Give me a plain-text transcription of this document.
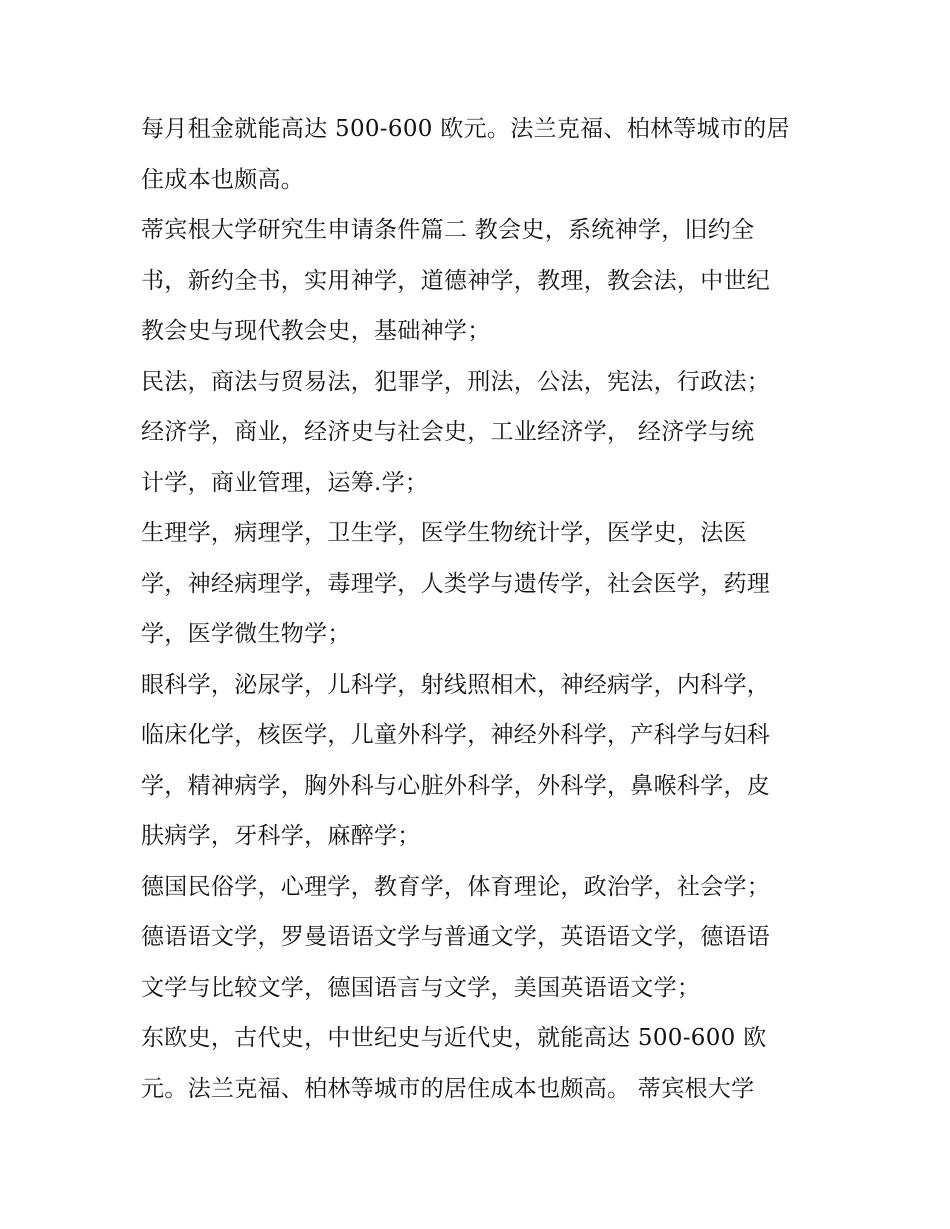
每月租金就能高达 500-600 欧元。法兰克福、柏林等城市的居
住成本也颇高。

蒂宾根大学研究生申请条件篇二 教会史，系统神学，旧约全
书，新约全书，实用神学，道德神学，教理，教会法，中世纪
教会史与现代教会史，基础神学；

民法，商法与贸易法，犯罪学，刑法，公法，宪法，行政法；

经济学，商业，经济史与社会史，工业经济学， 经济学与统
计学，商业管理，运筹.学；

生理学，病理学，卫生学，医学生物统计学，医学史，法医
学，神经病理学，毒理学，人类学与遗传学，社会医学，药理
学，医学微生物学；

眼科学，泌尿学，儿科学，射线照相术，神经病学，内科学，
临床化学，核医学，儿童外科学，神经外科学，产科学与妇科
学，精神病学，胸外科与心脏外科学，外科学，鼻喉科学，皮
肤病学，牙科学，麻醉学；

德国民俗学，心理学，教育学，体育理论，政治学，社会学；

德语语文学，罗曼语语文学与普通文学，英语语文学，德语语
文学与比较文学，德国语言与文学，美国英语语文学；

东欧史，古代史，中世纪史与近代史，就能高达 500-600 欧
元。法兰克福、柏林等城市的居住成本也颇高。 蒂宾根大学
